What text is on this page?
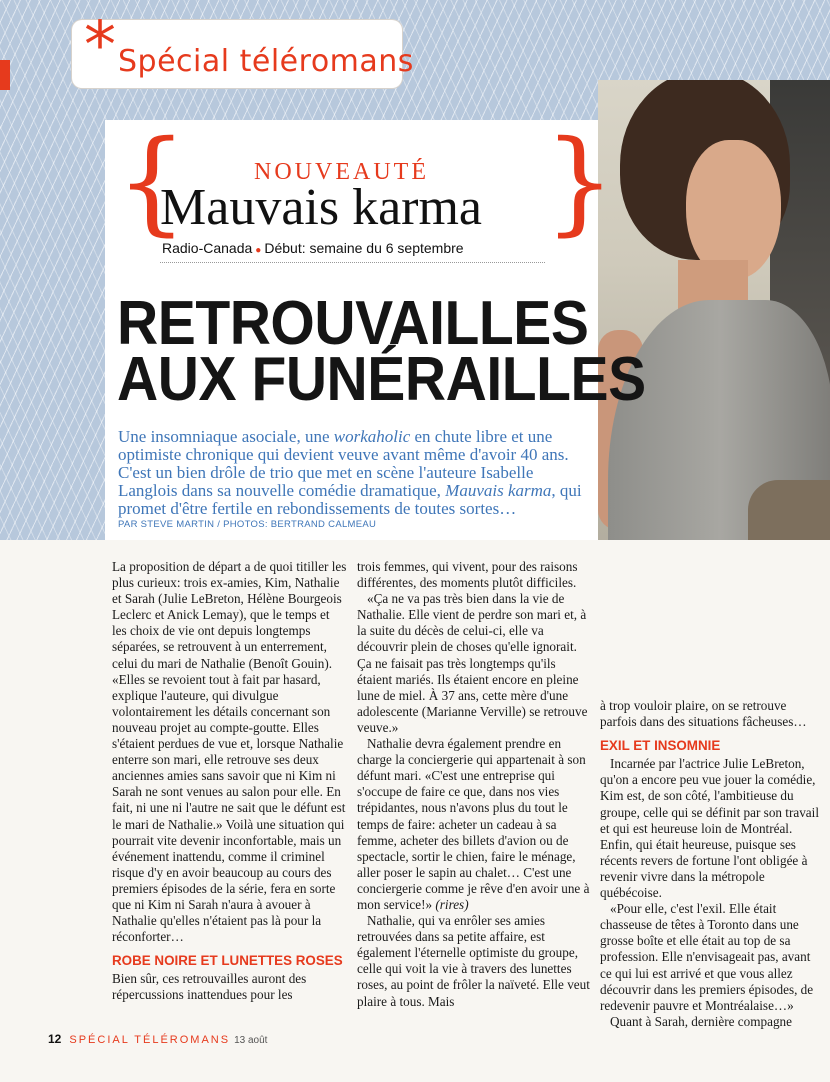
* Spécial téléromans
{	}
NOUVEAUTÉ
Mauvais karma
Radio-Canada ● Début: semaine du 6 septembre
RETROUVAILLES
AUX FUNÉRAILLES
Une insomniaque asociale, une workaholic en chute libre et une optimiste chronique qui devient veuve avant même d'avoir 40 ans. C'est un bien drôle de trio que met en scène l'auteure Isabelle Langlois dans sa nouvelle comédie dramatique, Mauvais karma, qui promet d'être fertile en rebondissements de toutes sortes…
PAR STEVE MARTIN / PHOTOS: BERTRAND CALMEAU

La proposition de départ a de quoi titiller les plus curieux: trois ex-amies, Kim, Nathalie et Sarah (Julie LeBreton, Hélène Bourgeois Leclerc et Anick Lemay), que le temps et les choix de vie ont depuis longtemps séparées, se retrouvent à un enterrement, celui du mari de Nathalie (Benoît Gouin). «Elles se revoient tout à fait par hasard, explique l'auteure, qui divulgue volontairement les détails concernant son nouveau projet au compte-goutte. Elles s'étaient perdues de vue et, lorsque Nathalie enterre son mari, elle retrouve ses deux anciennes amies sans savoir que ni Kim ni Sarah ne sont venues au salon pour elle. En fait, ni une ni l'autre ne sait que le défunt est le mari de Nathalie.» Voilà une situation qui pourrait vite devenir inconfortable, mais un événement inattendu, comme il criminel risque d'y en avoir beaucoup au cours des premiers épisodes de la série, fera en sorte que ni Kim ni Sarah n'aura à avouer à Nathalie qu'elles n'étaient pas là pour la réconforter…

ROBE NOIRE ET LUNETTES ROSES

Bien sûr, ces retrouvailles auront des répercussions inattendues pour les

trois femmes, qui vivent, pour des raisons différentes, des moments plutôt difficiles.

«Ça ne va pas très bien dans la vie de Nathalie. Elle vient de perdre son mari et, à la suite du décès de celui-ci, elle va découvrir plein de choses qu'elle ignorait. Ça ne faisait pas très longtemps qu'ils étaient mariés. Ils étaient encore en pleine lune de miel. À 37 ans, cette mère d'une adolescente (Marianne Verville) se retrouve veuve.»

Nathalie devra également prendre en charge la conciergerie qui appartenait à son défunt mari. «C'est une entreprise qui s'occupe de faire ce que, dans nos vies trépidantes, nous n'avons plus du tout le temps de faire: acheter un cadeau à sa femme, acheter des billets d'avion ou de spectacle, sortir le chien, faire le ménage, aller poser le sapin au chalet… C'est une conciergerie comme je rêve d'en avoir une à mon service!» (rires)

Nathalie, qui va enrôler ses amies retrouvées dans sa petite affaire, est également l'éternelle optimiste du groupe, celle qui voit la vie à travers des lunettes roses, au point de frôler la naïveté. Elle veut plaire à tous. Mais

à trop vouloir plaire, on se retrouve parfois dans des situations fâcheuses…

EXIL ET INSOMNIE

Incarnée par l'actrice Julie LeBreton, qu'on a encore peu vue jouer la comédie, Kim est, de son côté, l'ambitieuse du groupe, celle qui se définit par son travail et qui est heureuse loin de Montréal. Enfin, qui était heureuse, puisque ses récents revers de fortune l'ont obligée à revenir vivre dans la métropole québécoise.

«Pour elle, c'est l'exil. Elle était chasseuse de têtes à Toronto dans une grosse boîte et elle était au top de sa profession. Elle n'envisageait pas, avant ce qui lui est arrivé et que vous allez découvrir dans les premiers épisodes, de redevenir pauvre et Montréalaise…»

Quant à Sarah, dernière compagne

12 SPÉCIAL TÉLÉROMANS 13 août
